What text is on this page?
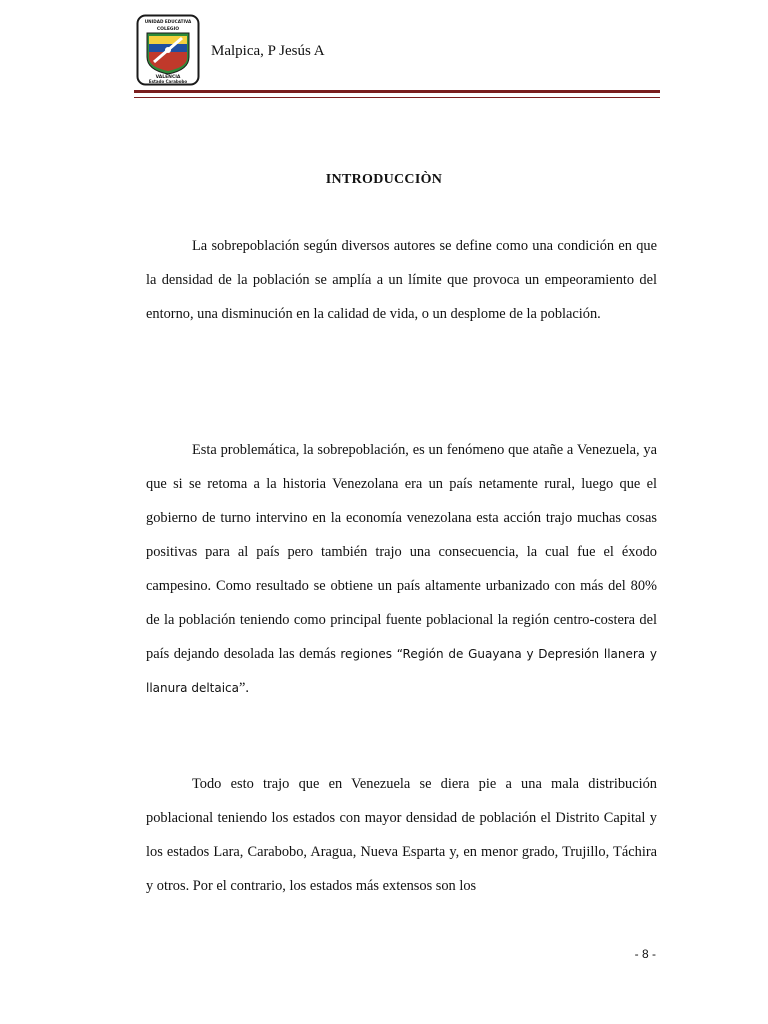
UNIDAD EDUCATIVA
COLEGIO
VALENCIA
Estado Carabobo
Malpica, P Jesús A
INTRODUCCIÒN

La sobrepoblación según diversos autores se define como una condición en que la densidad de la población se amplía a un límite que provoca un empeoramiento del entorno, una disminución en la calidad de vida, o un desplome de la población.

Esta problemática, la sobrepoblación, es un fenómeno que atañe a Venezuela, ya que si se retoma a la historia Venezolana era un país netamente rural, luego que el gobierno de turno intervino en la economía venezolana esta acción trajo muchas cosas positivas para al país pero también trajo una consecuencia, la cual fue el éxodo campesino. Como resultado se obtiene un país altamente urbanizado con más del 80% de la población teniendo como principal fuente poblacional la región centro-costera del país dejando desolada las demás regiones “Región de Guayana y Depresión llanera y llanura deltaica”.

Todo esto trajo que en Venezuela se diera pie a una mala distribución poblacional teniendo los estados con mayor densidad de población el Distrito Capital y los estados Lara, Carabobo, Aragua, Nueva Esparta y, en menor grado, Trujillo, Táchira y otros. Por el contrario, los estados más extensos son los

- 8 -
